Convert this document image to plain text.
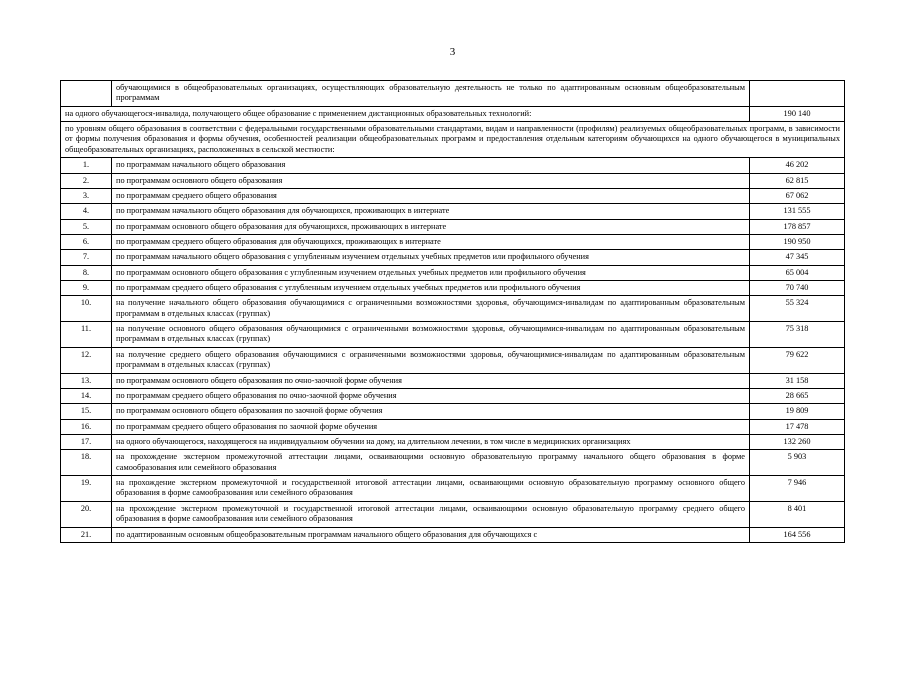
3
	обучающимися в общеобразовательных организациях, осуществляющих образовательную деятельность не только по адаптированным основным общеобразовательным программам	
на одного обучающегося-инвалида, получающего общее образование с применением дистанционных образовательных технологий:		190 140
по уровням общего образования в соответствии с федеральными государственными образовательными стандартами, видам и направленности (профилям) реализуемых общеобразовательных программ, в зависимости от формы получения образования и формы обучения, особенностей реализации общеобразовательных программ и предоставления отдельным категориям обучающихся на одного обучающегося в муниципальных общеобразовательных организациях, расположенных в сельской местности:		
1.	по программам начального общего образования	46 202
2.	по программам основного общего образования	62 815
3.	по программам среднего общего образования	67 062
4.	по программам начального общего образования для обучающихся, проживающих в интернате	131 555
5.	по программам основного общего образования для обучающихся, проживающих в интернате	178 857
6.	по программам среднего общего образования для обучающихся, проживающих в интернате	190 950
7.	по программам начального общего образования с углубленным изучением отдельных учебных предметов или профильного обучения	47 345
8.	по программам основного общего образования с углубленным изучением отдельных учебных предметов или профильного обучения	65 004
9.	по программам среднего общего образования с углубленным изучением отдельных учебных предметов или профильного обучения	70 740
10.	на получение начального общего образования обучающимися с ограниченными возможностями здоровья, обучающимся-инвалидам по адаптированным образовательным программам в отдельных классах (группах)	55 324
11.	на получение основного общего образования обучающимися с ограниченными возможностями здоровья, обучающимися-инвалидам по адаптированным образовательным программам в отдельных классах (группах)	75 318
12.	на получение среднего общего образования обучающимися с ограниченными возможностями здоровья, обучающимися-инвалидам по адаптированным образовательным программам в отдельных классах (группах)	79 622
13.	по программам основного общего образования по очно-заочной форме обучения	31 158
14.	по программам среднего общего образования по очно-заочной форме обучения	28 665
15.	по программам основного общего образования по заочной форме обучения	19 809
16.	по программам среднего общего образования по заочной форме обучения	17 478
17.	на одного обучающегося, находящегося на индивидуальном обучении на дому, на длительном лечении, в том числе в медицинских организациях	132 260
18.	на прохождение экстерном промежуточной аттестации лицами, осваивающими основную образовательную программу начального общего образования в форме самообразования или семейного образования	5 903
19.	на прохождение экстерном промежуточной и государственной итоговой аттестации лицами, осваивающими основную образовательную программу основного общего образования в форме самообразования или семейного образования	7 946
20.	на прохождение экстерном промежуточной и государственной итоговой аттестации лицами, осваивающими основную образовательную программу среднего общего образования в форме самообразования или семейного образования	8 401
21.	по адаптированным основным общеобразовательным программам начального общего образования для обучающихся с	164 556
